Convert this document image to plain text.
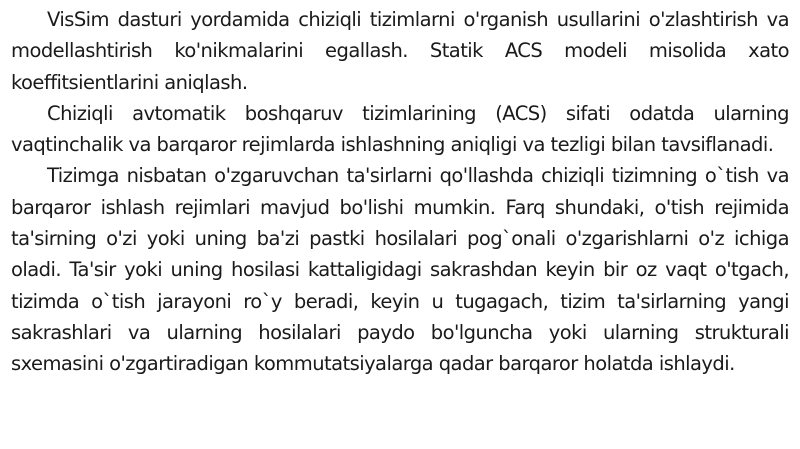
VisSim dasturi yordamida chiziqli tizimlarni o'rganish usullarini o'zlashtirish va
modellashtirish ko'nikmalarini egallash. Statik ACS modeli misolida xato
koeffitsientlarini aniqlash.
Chiziqli avtomatik boshqaruv tizimlarining (ACS) sifati odatda ularning
vaqtinchalik va barqaror rejimlarda ishlashning aniqligi va tezligi bilan tavsiflanadi.
Tizimga nisbatan o'zgaruvchan ta'sirlarni qo'llashda chiziqli tizimning o`tish va
barqaror ishlash rejimlari mavjud bo'lishi mumkin. Farq shundaki, o'tish rejimida
ta'sirning o'zi yoki uning ba'zi pastki hosilalari pog`onali o'zgarishlarni o'z ichiga
oladi. Ta'sir yoki uning hosilasi kattaligidagi sakrashdan keyin bir oz vaqt o'tgach,
tizimda o`tish jarayoni ro`y beradi, keyin u tugagach, tizim ta'sirlarning yangi
sakrashlari va ularning hosilalari paydo bo'lguncha yoki ularning strukturali
sxemasini o'zgartiradigan kommutatsiyalarga qadar barqaror holatda ishlaydi.
